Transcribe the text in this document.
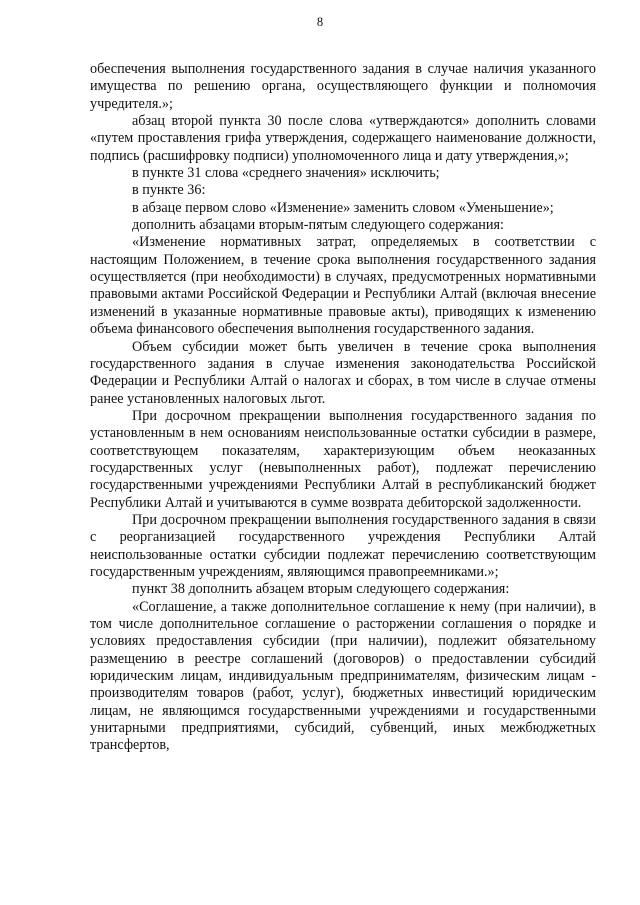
8

обеспечения выполнения государственного задания в случае наличия указанного имущества по решению органа, осуществляющего функции и полномочия учредителя.»;

абзац второй пункта 30 после слова «утверждаются» дополнить словами «путем проставления грифа утверждения, содержащего наименование должности, подпись (расшифровку подписи) уполномоченного лица и дату утверждения,»;

в пункте 31 слова «среднего значения» исключить;

в пункте 36:

в абзаце первом слово «Изменение» заменить словом «Уменьшение»;

дополнить абзацами вторым-пятым следующего содержания:

«Изменение нормативных затрат, определяемых в соответствии с настоящим Положением, в течение срока выполнения государственного задания осуществляется (при необходимости) в случаях, предусмотренных нормативными правовыми актами Российской Федерации и Республики Алтай (включая внесение изменений в указанные нормативные правовые акты), приводящих к изменению объема финансового обеспечения выполнения государственного задания.

Объем субсидии может быть увеличен в течение срока выполнения государственного задания в случае изменения законодательства Российской Федерации и Республики Алтай о налогах и сборах, в том числе в случае отмены ранее установленных налоговых льгот.

При досрочном прекращении выполнения государственного задания по установленным в нем основаниям неиспользованные остатки субсидии в размере, соответствующем показателям, характеризующим объем неоказанных государственных услуг (невыполненных работ), подлежат перечислению государственными учреждениями Республики Алтай в республиканский бюджет Республики Алтай и учитываются в сумме возврата дебиторской задолженности.

При досрочном прекращении выполнения государственного задания в связи с реорганизацией государственного учреждения Республики Алтай неиспользованные остатки субсидии подлежат перечислению соответствующим государственным учреждениям, являющимся правопреемниками.»;

пункт 38 дополнить абзацем вторым следующего содержания:

«Соглашение, а также дополнительное соглашение к нему (при наличии), в том числе дополнительное соглашение о расторжении соглашения о порядке и условиях предоставления субсидии (при наличии), подлежит обязательному размещению в реестре соглашений (договоров) о предоставлении субсидий юридическим лицам, индивидуальным предпринимателям, физическим лицам - производителям товаров (работ, услуг), бюджетных инвестиций юридическим лицам, не являющимся государственными учреждениями и государственными унитарными предприятиями, субсидий, субвенций, иных межбюджетных трансфертов,
